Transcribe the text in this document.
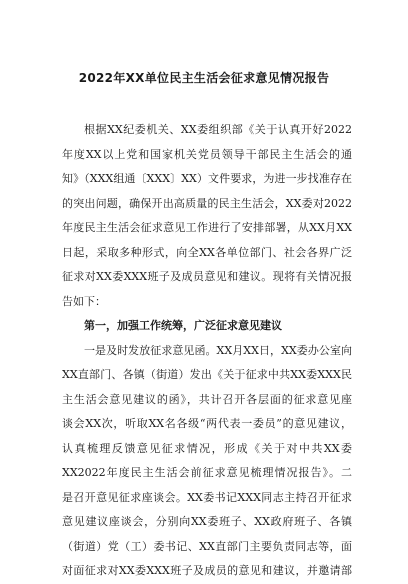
2022年XX单位民主生活会征求意见情况报告
根据XX纪委机关、XX委组织部《关于认真开好2022
年度XX以上党和国家机关党员领导干部民主生活会的通
知》（XXX组通〔XXX〕XX）文件要求，为进一步找准存在
的突出问题，确保开出高质量的民主生活会，XX委对2022
年度民主生活会征求意见工作进行了安排部署，从XX月XX
日起，采取多种形式，向全XX各单位部门、社会各界广泛
征求对XX委XXX班子及成员意见和建议。现将有关情况报
告如下：
第一，加强工作统筹，广泛征求意见建议
一是及时发放征求意见函。XX月XX日，XX委办公室向
XX直部门、各镇（街道）发出《关于征求中共XX委XXX民
主生活会意见建议的函》，共计召开各层面的征求意见座
谈会XX次，听取XX名各级“两代表一委员”的意见建议，
认真梳理反馈意见征求情况，形成《关于对中共XX委
XX2022年度民主生活会前征求意见梳理情况报告》。二
是召开意见征求座谈会。XX委书记XXX同志主持召开征求
意见建议座谈会，分别向XX委班子、XX政府班子、各镇
（街道）党（工）委书记、XX直部门主要负责同志等，面
对面征求对XX委XXX班子及成员的意见和建议，并邀请部
